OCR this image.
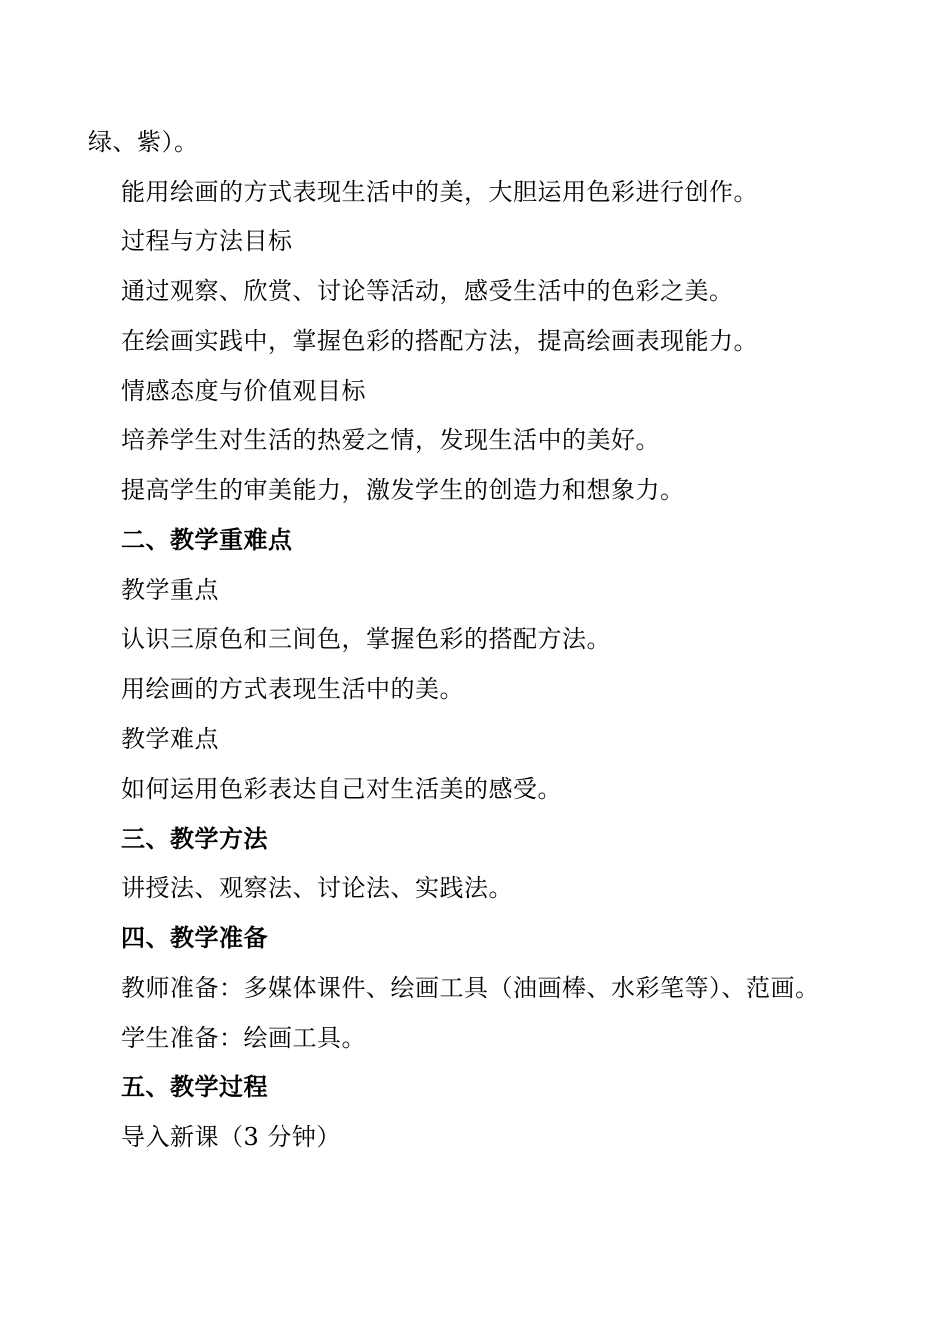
绿、紫）。
能用绘画的方式表现生活中的美，大胆运用色彩进行创作。
过程与方法目标
通过观察、欣赏、讨论等活动，感受生活中的色彩之美。
在绘画实践中，掌握色彩的搭配方法，提高绘画表现能力。
情感态度与价值观目标
培养学生对生活的热爱之情，发现生活中的美好。
提高学生的审美能力，激发学生的创造力和想象力。
二、教学重难点
教学重点
认识三原色和三间色，掌握色彩的搭配方法。
用绘画的方式表现生活中的美。
教学难点
如何运用色彩表达自己对生活美的感受。
三、教学方法
讲授法、观察法、讨论法、实践法。
四、教学准备
教师准备：多媒体课件、绘画工具（油画棒、水彩笔等）、范画。
学生准备：绘画工具。
五、教学过程
导入新课（3 分钟）
